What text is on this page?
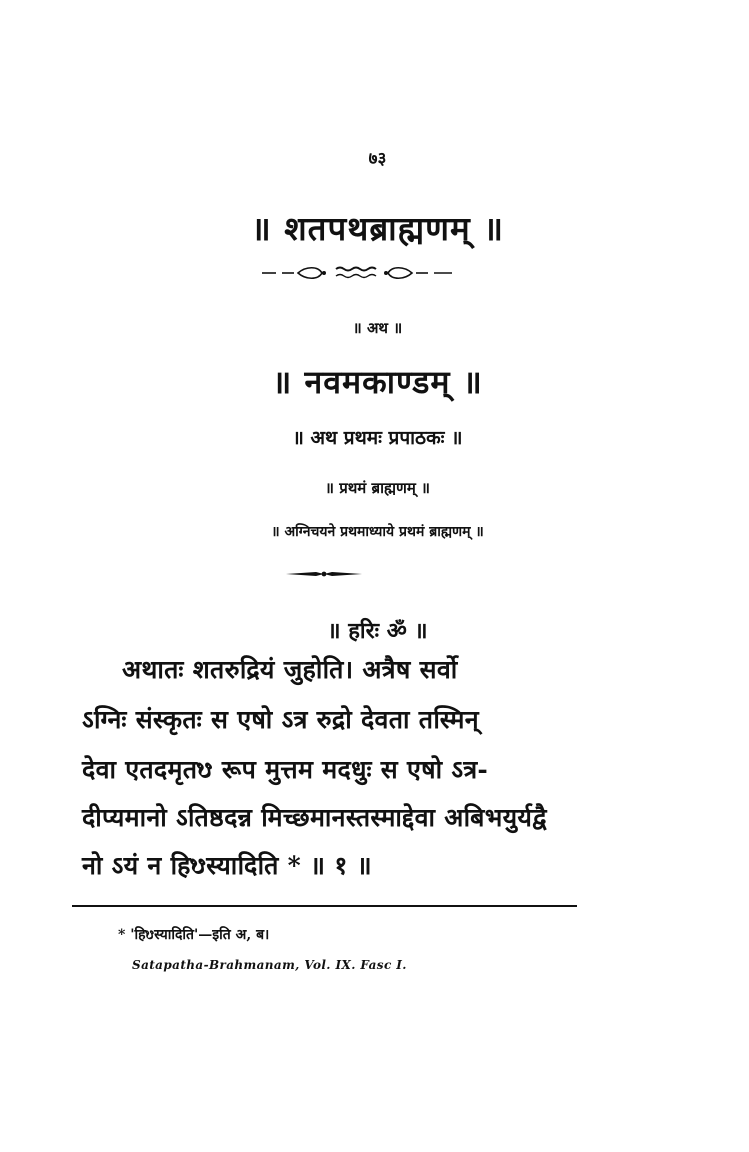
७३
॥ शतपथब्राह्मणम् ॥
॥ अथ ॥
॥ नवमकाण्डम् ॥
॥ अथ प्रथमः प्रपाठकः ॥
॥ प्रथमं ब्राह्मणम् ॥
॥ अग्निचयने प्रथमाध्याये प्रथमं ब्राह्मणम् ॥
॥ हरिः ॐ ॥
अथातः शतरुद्रियं जुहोति। अत्रैष सर्वो
ऽग्निः संस्कृतः स एषो ऽत्र रुद्रो देवता तस्मिन्
देवा एतदमृतᳪ रूप मुत्तम मदधुः स एषो ऽत्र-
दीप्यमानो ऽतिष्ठदन्न मिच्छमानस्तस्माद्देवा अबिभयुर्यद्वै
नो ऽयं न हिᳪस्यादिति * ॥ १ ॥
* 'हिᳪस्यादिति'—इति अ, ब।
Satapatha-Brahmanam, Vol. IX. Fasc I.
